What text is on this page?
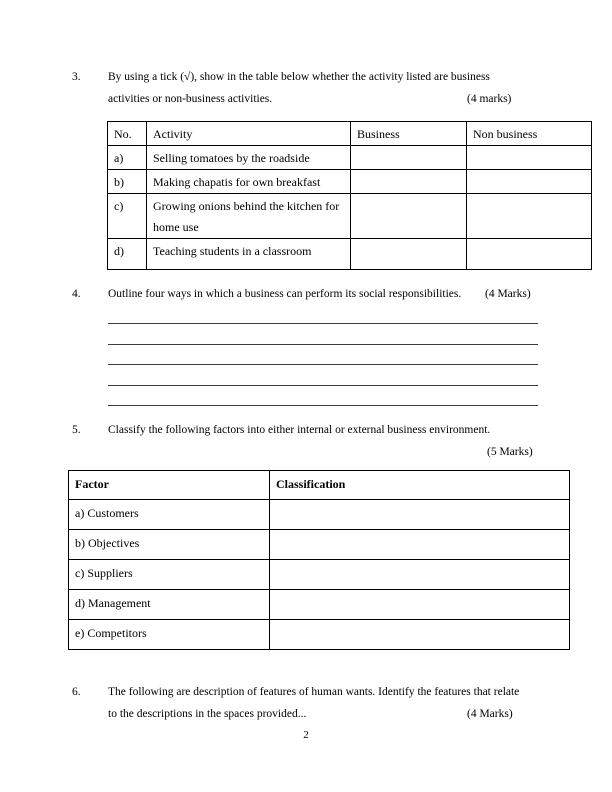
3. By using a tick (√), show in the table below whether the activity listed are business
activities or non-business activities.	(4 marks)
No.	Activity	Business	Non business
a)	Selling tomatoes by the roadside		
b)	Making chapatis for own breakfast		
c)	Growing onions behind the kitchen for home use		
d)	Teaching students in a classroom		
4. Outline four ways in which a business can perform its social responsibilities. (4 Marks)
5. Classify the following factors into either internal or external business environment.
(5 Marks)
Factor	Classification
a) Customers	
b) Objectives	
c) Suppliers	
d) Management	
e) Competitors	
6. The following are description of features of human wants. Identify the features that relate
to the descriptions in the spaces provided...	(4 Marks)
2
